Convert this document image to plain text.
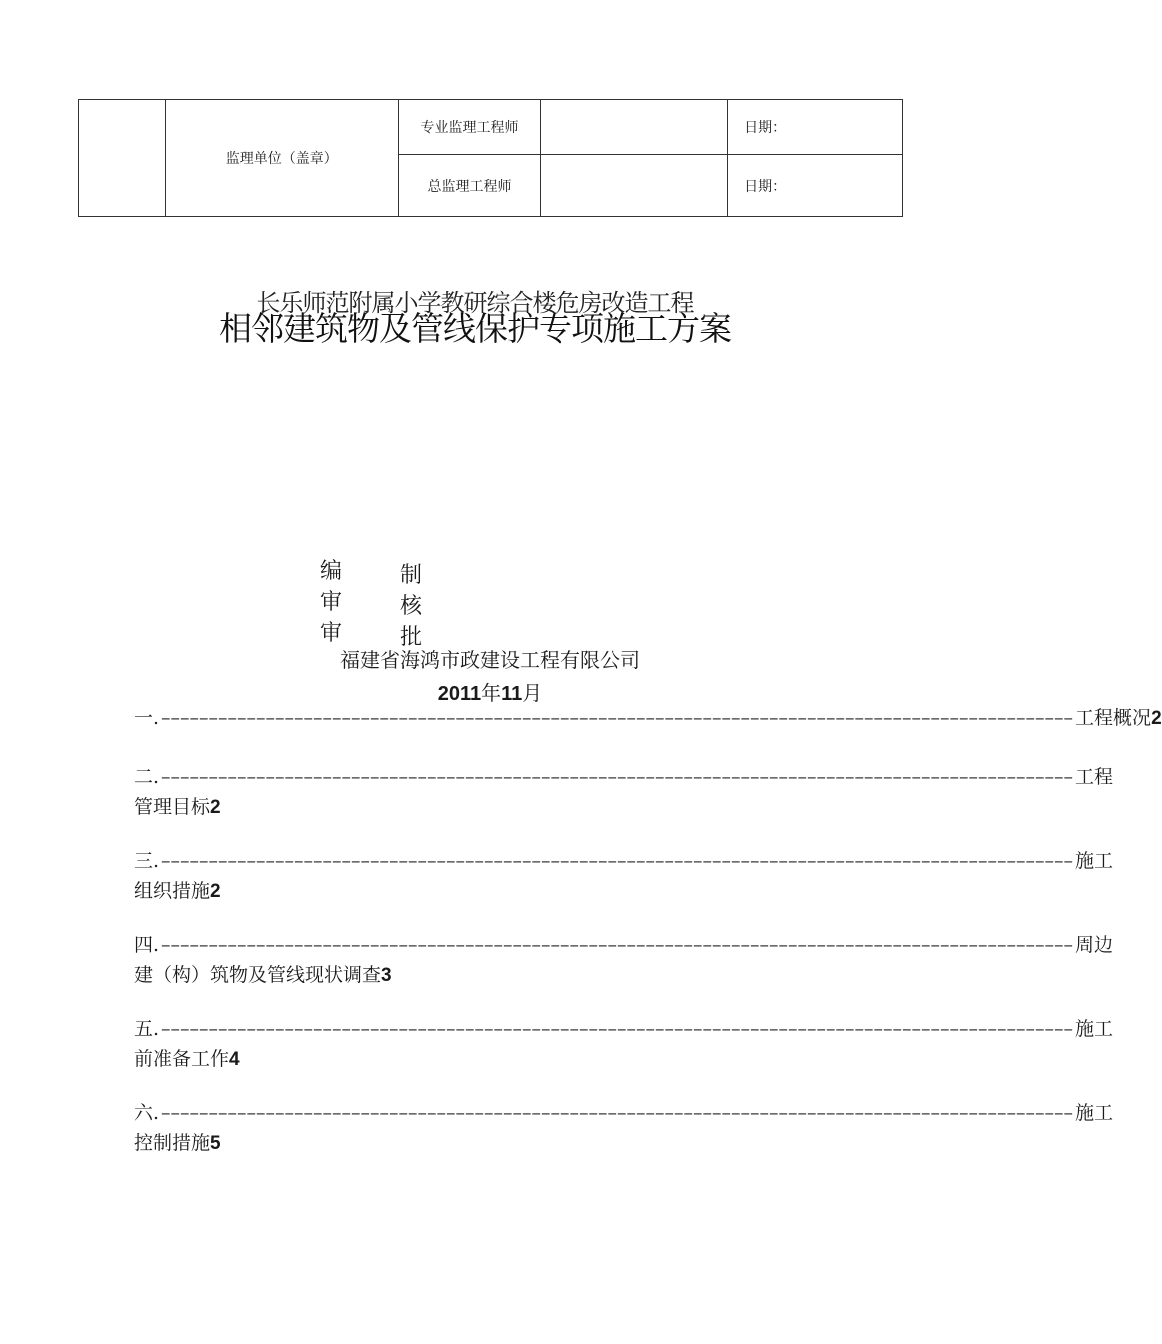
	监理单位（盖章）	专业监理工程师		日期：
		总监理工程师		日期：
长乐师范附属小学教研综合楼危房改造工程
相邻建筑物及管线保护专项施工方案
编
审
审
制
核
批
福建省海鸿市政建设工程有限公司
2011年11月
一. –––––––––––––––––––––––––––––––––––––––––––––––––––––––––––––––––––––––––––––––––––––––––––––––– 工程概况2
二. –––––––––––––––––––––––––––––––––––––––––––––––––––––––––––––––––––––––––––––––––––––––––––––––– 工程
管理目标2
三. –––––––––––––––––––––––––––––––––––––––––––––––––––––––––––––––––––––––––––––––––––––––––––––––– 施工
组织措施2
四. –––––––––––––––––––––––––––––––––––––––––––––––––––––––––––––––––––––––––––––––––––––––––––––––– 周边
建（构）筑物及管线现状调查3
五. –––––––––––––––––––––––––––––––––––––––––––––––––––––––––––––––––––––––––––––––––––––––––––––––– 施工
前准备工作4
六. –––––––––––––––––––––––––––––––––––––––––––––––––––––––––––––––––––––––––––––––––––––––––––––––– 施工
控制措施5
